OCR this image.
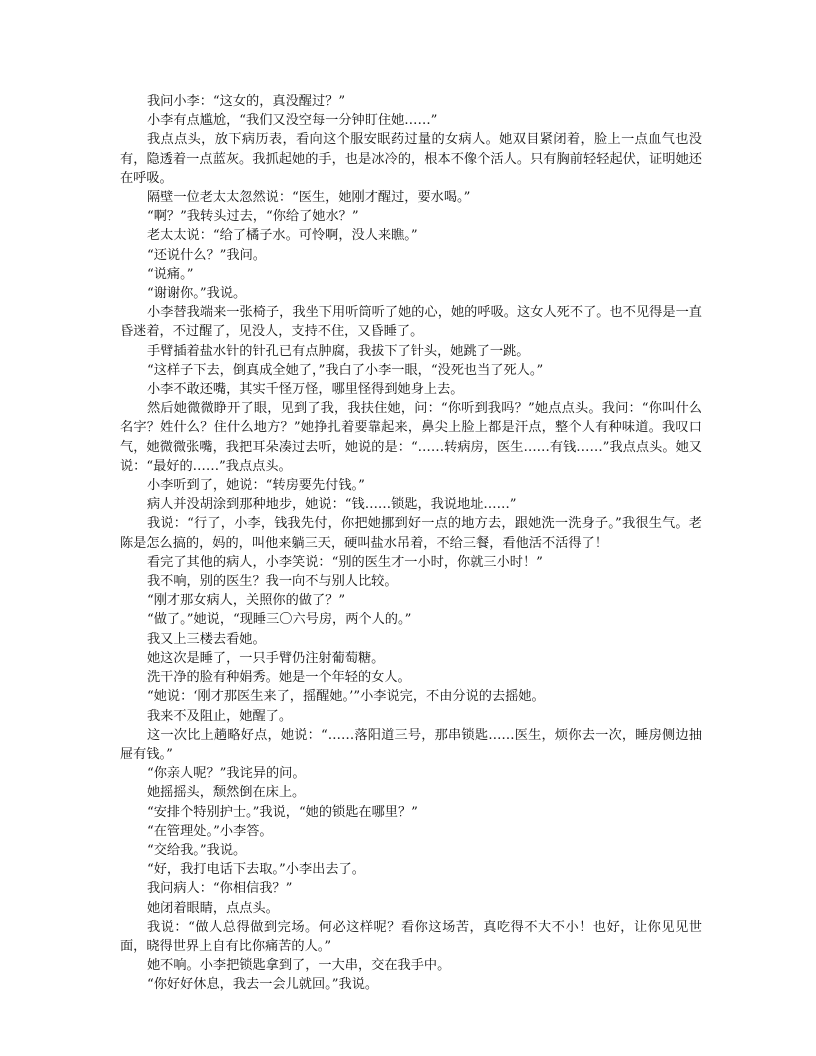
我问小李：“这女的，真没醒过？”

小李有点尴尬，“我们又没空每一分钟盯住她……”

我点点头，放下病历表，看向这个服安眠药过量的女病人。她双目紧闭着，脸上一点血气也没有，隐透着一点蓝灰。我抓起她的手，也是冰冷的，根本不像个活人。只有胸前轻轻起伏，证明她还在呼吸。

隔壁一位老太太忽然说：“医生，她刚才醒过，要水喝。”

“啊？”我转头过去，“你给了她水？”

老太太说：“给了橘子水。可怜啊，没人来瞧。”

“还说什么？”我问。

“说痛。”

“谢谢你。”我说。

小李替我端来一张椅子，我坐下用听筒听了她的心，她的呼吸。这女人死不了。也不见得是一直昏迷着，不过醒了，见没人，支持不住，又昏睡了。

手臂插着盐水针的针孔已有点肿腐，我拔下了针头，她跳了一跳。

“这样子下去，倒真成全她了，”我白了小李一眼，“没死也当了死人。”

小李不敢还嘴，其实千怪万怪，哪里怪得到她身上去。

然后她微微睁开了眼，见到了我，我扶住她，问：“你听到我吗？”她点点头。我问：“你叫什么名字？姓什么？住什么地方？”她挣扎着要靠起来，鼻尖上脸上都是汗点，整个人有种味道。我叹口气，她微微张嘴，我把耳朵凑过去听，她说的是：“……转病房，医生……有钱……”我点点头。她又说：“最好的……”我点点头。

小李听到了，她说：“转房要先付钱。”

病人并没胡涂到那种地步，她说：“钱……锁匙，我说地址……”

我说：“行了，小李，钱我先付，你把她挪到好一点的地方去，跟她洗一洗身子。”我很生气。老陈是怎么搞的，妈的，叫他来躺三天，硬叫盐水吊着，不给三餐，看他活不活得了！

看完了其他的病人，小李笑说：“别的医生才一小时，你就三小时！”

我不响，别的医生？我一向不与别人比较。

“刚才那女病人，关照你的做了？”

“做了。”她说，“现睡三〇六号房，两个人的。”

我又上三楼去看她。

她这次是睡了，一只手臂仍注射葡萄糖。

洗干净的脸有种娟秀。她是一个年轻的女人。

“她说：‘刚才那医生来了，摇醒她。’”小李说完，不由分说的去摇她。

我来不及阻止，她醒了。

这一次比上趟略好点，她说：“……落阳道三号，那串锁匙……医生，烦你去一次，睡房侧边抽屉有钱。”

“你亲人呢？”我诧异的问。

她摇摇头，颓然倒在床上。

“安排个特别护士。”我说，“她的锁匙在哪里？”

“在管理处。”小李答。

“交给我。”我说。

“好，我打电话下去取。”小李出去了。

我问病人：“你相信我？”

她闭着眼睛，点点头。

我说：“做人总得做到完场。何必这样呢？看你这场苦，真吃得不大不小！也好，让你见见世面，晓得世界上自有比你痛苦的人。”

她不响。小李把锁匙拿到了，一大串，交在我手中。

“你好好休息，我去一会儿就回。”我说。
